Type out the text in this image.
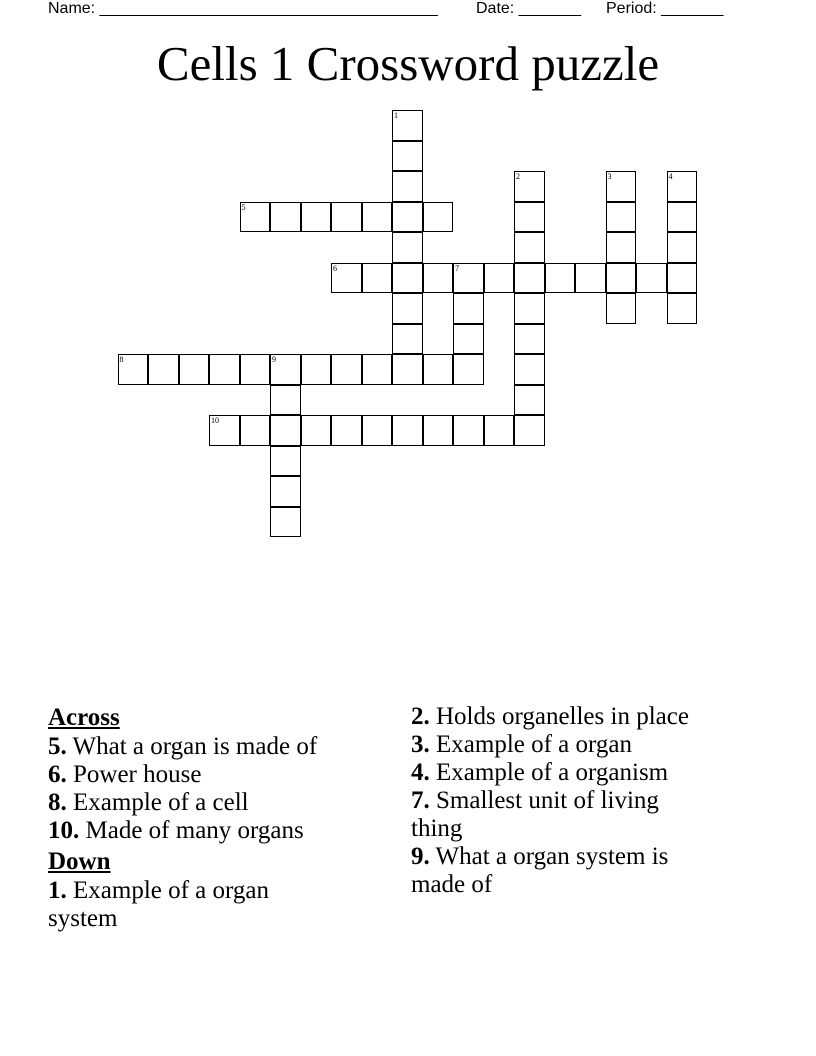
Name: ______________________________________ Date: _______ Period: _______
Cells 1 Crossword puzzle
1
2	3	4
5
6	7
8	9
10
Across
5. What a organ is made of
6. Power house
8. Example of a cell
10. Made of many organs
Down
1. Example of a organ system
2. Holds organelles in place
3. Example of a organ
4. Example of a organism
7. Smallest unit of living thing
9. What a organ system is made of
